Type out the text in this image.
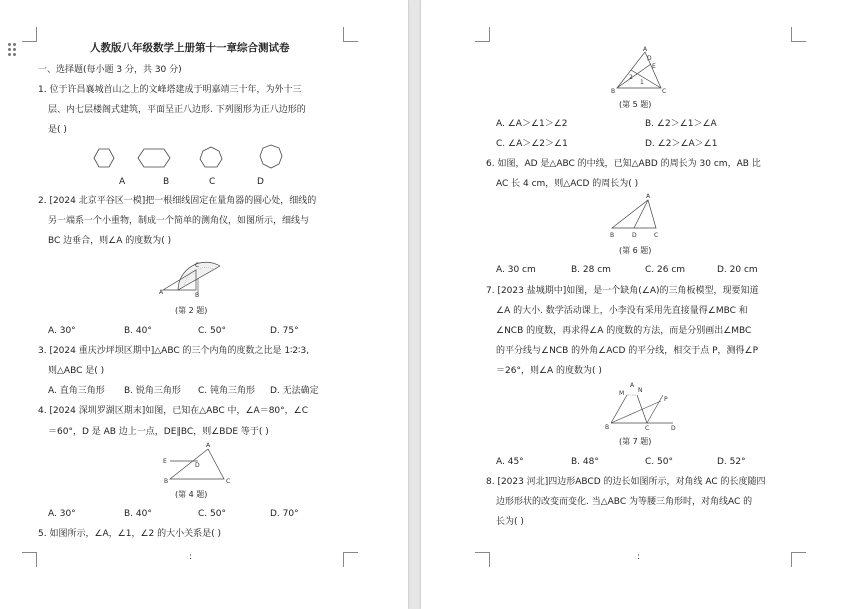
人教版八年级数学上册第十一章综合测试卷
一、选择题(每小题 3 分，共 30 分)
1. 位于许昌襄城首山之上的文峰塔建成于明嘉靖三十年，为外十三
层、内七层楼阁式建筑，平面呈正八边形. 下列图形为正八边形的
是( )
A	B	C	D
2. [2024 北京平谷区一模]把一根细线固定在量角器的圆心处，细线的
另一端系一个小重物，制成一个简单的测角仪，如图所示，细线与
BC 边垂合，则∠A 的度数为( )
A	B
C
(第 2 题)
A. 30°	B. 40°	C. 50°	D. 75°
3. [2024 重庆沙坪坝区期中]△ABC 的三个内角的度数之比是 1∶2∶3,
则△ABC 是( )
A. 直角三角形 B. 锐角三角形 C. 钝角三角形 D. 无法确定
4. [2024 深圳罗湖区期末]如图，已知在△ABC 中，∠A＝80°，∠C
＝60°，D 是 AB 边上一点，DE∥BC，则∠BDE 等于( )
E
D
A
B	C
(第 4 题)
A. 30°	B. 40°	C. 50°	D. 70°
5. 如图所示，∠A，∠1，∠2 的大小关系是( )
:
A
D
E
2
1
B	C
(第 5 题)
A. ∠A＞∠1＞∠2	B. ∠2＞∠1＞∠A
C. ∠A＞∠2＞∠1	D. ∠2＞∠A＞∠1
6. 如图，AD 是△ABC 的中线，已知△ABD 的周长为 30 cm，AB 比
AC 长 4 cm，则△ACD 的周长为( )
A
B	D	C
(第 6 题)
A. 30 cm	B. 28 cm	C. 26 cm	D. 20 cm
7. [2023 盐城期中]如图，是一个缺角(∠A)的三角板模型，现要知道
∠A 的大小. 数学活动课上，小李没有采用先直接量得∠MBC 和
∠NCB 的度数，再求得∠A 的度数的方法，而是分别画出∠MBC
的平分线与∠NCB 的外角∠ACD 的平分线，相交于点 P，测得∠P
＝26°，则∠A 的度数为( )
M N
A
P
B	C	D
(第 7 题)
A. 45°	B. 48°	C. 50°	D. 52°
8. [2023 河北]四边形ABCD 的边长如图所示，对角线 AC 的长度随四
边形形状的改变而变化. 当△ABC 为等腰三角形时，对角线AC 的
长为( )
:
